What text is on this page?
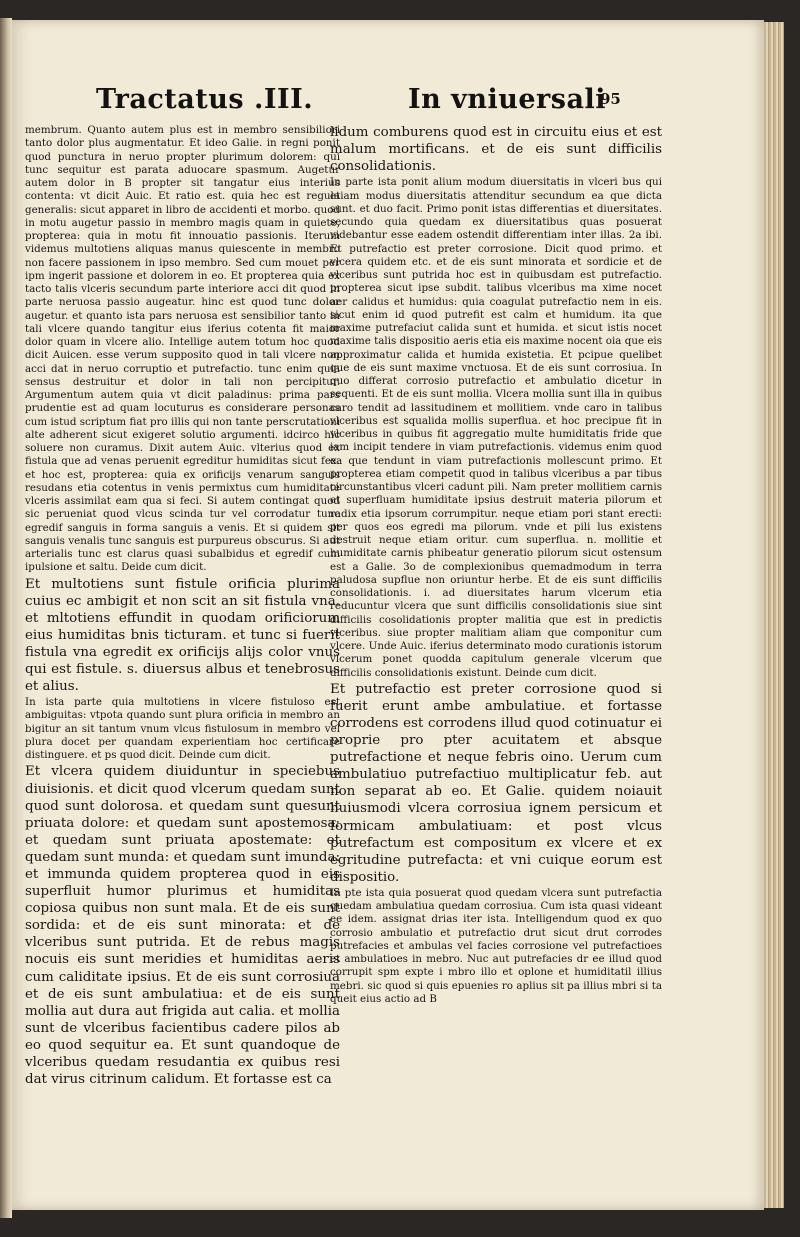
Tractatus .III.	In vniuersali
95

membrum. Quanto autem plus est in membro sensibiliori tanto dolor plus augmentatur. Et ideo Galie. in regni ponit quod punctura in neruo propter plurimum dolorem: qui tunc sequitur est parata aduocare spasmum. Augetur autem dolor in B propter sit tangatur eius interius contenta: vt dicit Auic. Et ratio est. quia hec est regula generalis: sicut apparet in libro de accidenti et morbo. quod in motu augetur passio in membro magis quam in quiete, propterea: quia in motu fit innouatio passionis. Iterum videmus multotiens aliquas manus quiescente in membro non facere passionem in ipso membro. Sed cum mouet per ipm ingerit passione et dolorem in eo. Et propterea quia ex tacto talis vlceris secundum parte interiore acci dit quod in parte neruosa passio augeatur. hinc est quod tunc dolor augetur. et quanto ista pars neruosa est sensibilior tanto in tali vlcere quando tangitur eius iferius cotenta fit maior dolor quam in vlcere alio. Intellige autem totum hoc quod dicit Auicen. esse verum supposito quod in tali vlcere non acci dat in neruo corruptio et putrefactio. tunc enim quia sensus destruitur et dolor in tali non percipitur. Argumentum autem quia vt dicit paladinus: prima pars prudentie est ad quam locuturus es considerare personas cum istud scriptum fiat pro illis qui non tante perscrutationi alte adherent sicut exigeret solutio argumenti. idcirco hic soluere non curamus. Dixit autem Auic. vlterius quod ex fistula que ad venas peruenit egreditur humiditas sicut fex. et hoc est, propterea: quia ex orificijs venarum sanguis resudans etia cotentus in venis permixtus cum humiditate vlceris assimilat eam qua si feci. Si autem contingat quod sic perueniat quod vlcus scinda tur vel corrodatur tunc egredif sanguis in forma sanguis a venis. Et si quidem sit sanguis venalis tunc sanguis est purpureus obscurus. Si aut arterialis tunc est clarus quasi subalbidus et egredif cum ipulsione et saltu. Deide cum dicit.

Et multotiens sunt fistule orificia plurima cuius ec ambigit et non scit an sit fistula vna. et mltotiens effundit in quodam orificiorum eius humiditas bnis ticturam. et tunc si fuerit fistula vna egredit ex orificijs alijs color vnus qui est fistule. s. diuersus albus et tenebrosus et alius.

In ista parte quia multotiens in vlcere fistuloso est ambiguitas: vtpota quando sunt plura orificia in membro an bigitur an sit tantum vnum vlcus fistulosum in membro vel plura docet per quandam experientiam hoc certificare distinguere. et ps quod dicit. Deinde cum dicit.

Et vlcera quidem diuiduntur in speciebus diuisionis. et dicit quod vlcerum quedam sunt quod sunt dolorosa. et quedam sunt quesunt priuata dolore: et quedam sunt apostemosa: et quedam sunt priuata apostemate: et quedam sunt munda: et quedam sunt imunda: et immunda quidem propterea quod in eis superfluit humor plurimus et humiditas copiosa quibus non sunt mala. Et de eis sunt sordida: et de eis sunt minorata: et de vlceribus sunt putrida. Et de rebus magis nocuis eis sunt meridies et humiditas aeris cum caliditate ipsius. Et de eis sunt corrosiua et de eis sunt ambulatiua: et de eis sunt mollia aut dura aut frigida aut calia. et mollia sunt de vlceribus facientibus cadere pilos ab eo quod sequitur ea. Et sunt quandoque de vlceribus quedam resudantia ex quibus resi dat virus citrinum calidum. Et fortasse est ca

lidum comburens quod est in circuitu eius et est malum mortificans. et de eis sunt difficilis consolidationis.

In parte ista ponit alium modum diuersitatis in vlceri bus qui etiam modus diuersitatis attenditur secundum ea que dicta sunt. et duo facit. Primo ponit istas differentias et diuersitates. secundo quia quedam ex diuersitatibus quas posuerat videbantur esse eadem ostendit differentiam inter illas. 2a ibi. Et putrefactio est preter corrosione. Dicit quod primo. et vlcera quidem etc. et de eis sunt minorata et sordicie et de vlceribus sunt putrida hoc est in quibusdam est putrefactio. propterea sicut ipse subdit. talibus vlceribus ma xime nocet aer calidus et humidus: quia coagulat putrefactio nem in eis. sicut enim id quod putrefit est calm et humidum. ita que maxime putrefaciut calida sunt et humida. et sicut istis nocet maxime talis dispositio aeris etia eis maxime nocent oia que eis approximatur calida et humida existetia. Et pcipue quelibet que de eis sunt maxime vnctuosa. Et de eis sunt corrosiua. In quo differat corrosio putrefactio et ambulatio dicetur in sequenti. Et de eis sunt mollia. Vlcera mollia sunt illa in quibus caro tendit ad lassitudinem et mollitiem. vnde caro in talibus vlceribus est squalida mollis superflua. et hoc precipue fit in vlceribus in quibus fit aggregatio multe humiditatis fride que iam incipit tendere in viam putrefactionis. videmus enim quod ea que tendunt in viam putrefactionis mollescunt primo. Et propterea etiam competit quod in talibus vlceribus a par tibus circunstantibus vlceri cadunt pili. Nam preter mollitiem carnis et superfluam humiditate ipsius destruit materia pilorum et radix etia ipsorum corrumpitur. neque etiam pori stant erecti: per quos eos egredi ma pilorum. vnde et pili lus existens destruit neque etiam oritur. cum superflua. n. mollitie et humiditate carnis phibeatur generatio pilorum sicut ostensum est a Galie. 3o de complexionibus quemadmodum in terra paludosa supflue non oriuntur herbe. Et de eis sunt difficilis consolidationis. i. ad diuersitates harum vlcerum etia reducuntur vlcera que sunt difficilis consolidationis siue sint difficilis cosolidationis propter malitia que est in predictis vlceribus. siue propter malitiam aliam que componitur cum vlcere. Unde Auic. iferius determinato modo curationis istorum vlcerum ponet quodda capitulum generale vlcerum que difficilis consolidationis existunt. Deinde cum dicit.

Et putrefactio est preter corrosione quod si fuerit erunt ambe ambulatiue. et fortasse corrodens est corrodens illud quod cotinuatur ei proprie pro pter acuitatem et absque putrefactione et neque febris oino. Uerum cum ambulatiuo putrefactiuo multiplicatur feb. aut non separat ab eo. Et Galie. quidem noiauit huiusmodi vlcera corrosiua ignem persicum et formicam ambulatiuam: et post vlcus putrefactum est compositum ex vlcere et ex egritudine putrefacta: et vni cuique eorum est dispositio.

In pte ista quia posuerat quod quedam vlcera sunt putrefactia quedam ambulatiua quedam corrosiua. Cum ista quasi videant ee idem. assignat drias iter ista. Intelligendum quod ex quo corrosio ambulatio et putrefactio drut sicut drut corrodes putrefacies et ambulas vel facies corrosione vel putrefactioes et ambulatioes in mebro. Nuc aut putrefacies dr ee illud quod corrupit spm expte i mbro illo et oplone et humiditatil illius mebri. sic quod si quis epuenies ro aplius sit pa illius mbri si ta queit eius actio ad B
